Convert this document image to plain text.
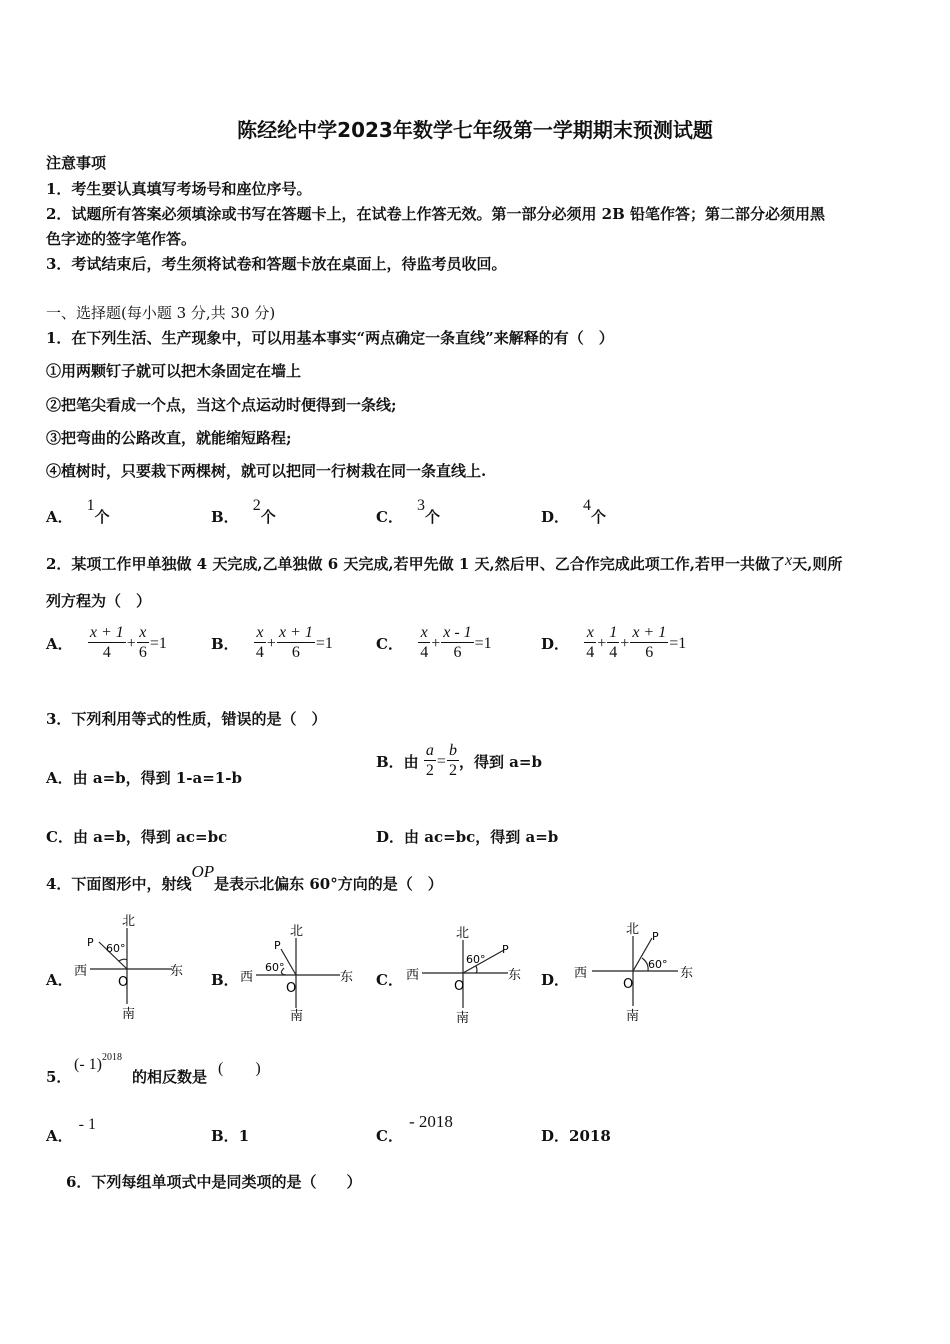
陈经纶中学2023年数学七年级第一学期期末预测试题
注意事项
1．考生要认真填写考场号和座位序号。
2．试题所有答案必须填涂或书写在答题卡上，在试卷上作答无效。第一部分必须用 2B 铅笔作答；第二部分必须用黑
色字迹的签字笔作答。
3．考试结束后，考生须将试卷和答题卡放在桌面上，待监考员收回。
一、选择题(每小题 3 分,共 30 分)
1．在下列生活、生产现象中，可以用基本事实“两点确定一条直线”来解释的有（　）
①用两颗钉子就可以把木条固定在墙上
②把笔尖看成一个点，当这个点运动时便得到一条线;
③把弯曲的公路改直，就能缩短路程;
④植树时，只要栽下两棵树，就可以把同一行树栽在同一条直线上.
A．1个	B．2个	C．3个	D．4个
2．某项工作甲单独做 4 天完成,乙单独做 6 天完成,若甲先做 1 天,然后甲、乙合作完成此项工作,若甲一共做了x天,则所
列方程为（　）
A． $\frac{x + 1}{4} + \frac{x}{6} =1$	B． $\frac{x}{4} + \frac{x + 1}{6} =1$	C． $\frac{x}{4} + \frac{x - 1}{6} =1$	D． $\frac{x}{4} + \frac{1}{4} + \frac{x + 1}{6} =1$
3．下列利用等式的性质，错误的是（　）
A．由 a=b，得到 1-a=1-b
B．由 $\frac{a}{2} = \frac{b}{2}$ ，得到 a=b
C．由 a=b，得到 ac=bc	D．由 ac=bc，得到 a=b
4．下面图形中，射线OP是表示北偏东 60°方向的是（　）
A．	B．	C．	D．
北
南
西	东
O
P 60°
北
南
西	东
O
P
60°
北
南
西	东
O
P
60°
北
南
西	东
O
P
60°
5．
(- 1)$^{2018}$
的相反数是 (　　)
A．- 1
B．1	C．- 2018
D．2018
6．下列每组单项式中是同类项的是（　　）
